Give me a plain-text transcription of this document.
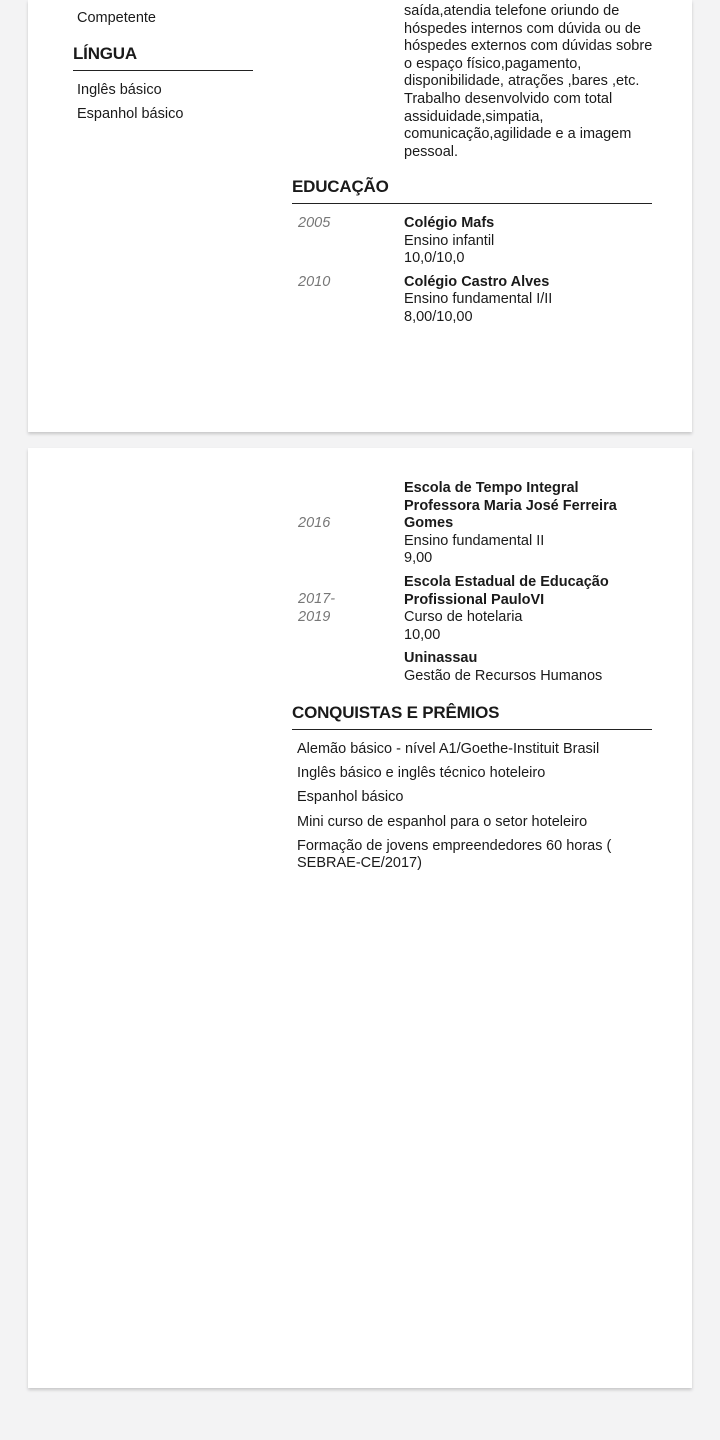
Competente
LÍNGUA
Inglês básico
Espanhol básico
saída,atendia telefone oriundo de hóspedes internos com dúvida ou de hóspedes externos com dúvidas sobre o espaço físico,pagamento, disponibilidade, atrações ,bares ,etc. Trabalho desenvolvido com total assiduidade,simpatia, comunicação,agilidade e a imagem pessoal.
EDUCAÇÃO
2005	Colégio Mafs
Ensino infantil
10,0/10,0
2010	Colégio Castro Alves
Ensino fundamental I/II
8,00/10,00
2016
Escola de Tempo Integral Professora Maria José Ferreira Gomes
Ensino fundamental II
9,00
2017-
2019
Escola Estadual de Educação Profissional PauloVI
Curso de hotelaria
10,00
Uninassau
Gestão de Recursos Humanos
CONQUISTAS E PRÊMIOS
Alemão básico - nível A1/Goethe-Instituit Brasil
Inglês básico e inglês técnico hoteleiro
Espanhol básico
Mini curso de espanhol para o setor hoteleiro
Formação de jovens empreendedores 60 horas ( SEBRAE-CE/2017)
